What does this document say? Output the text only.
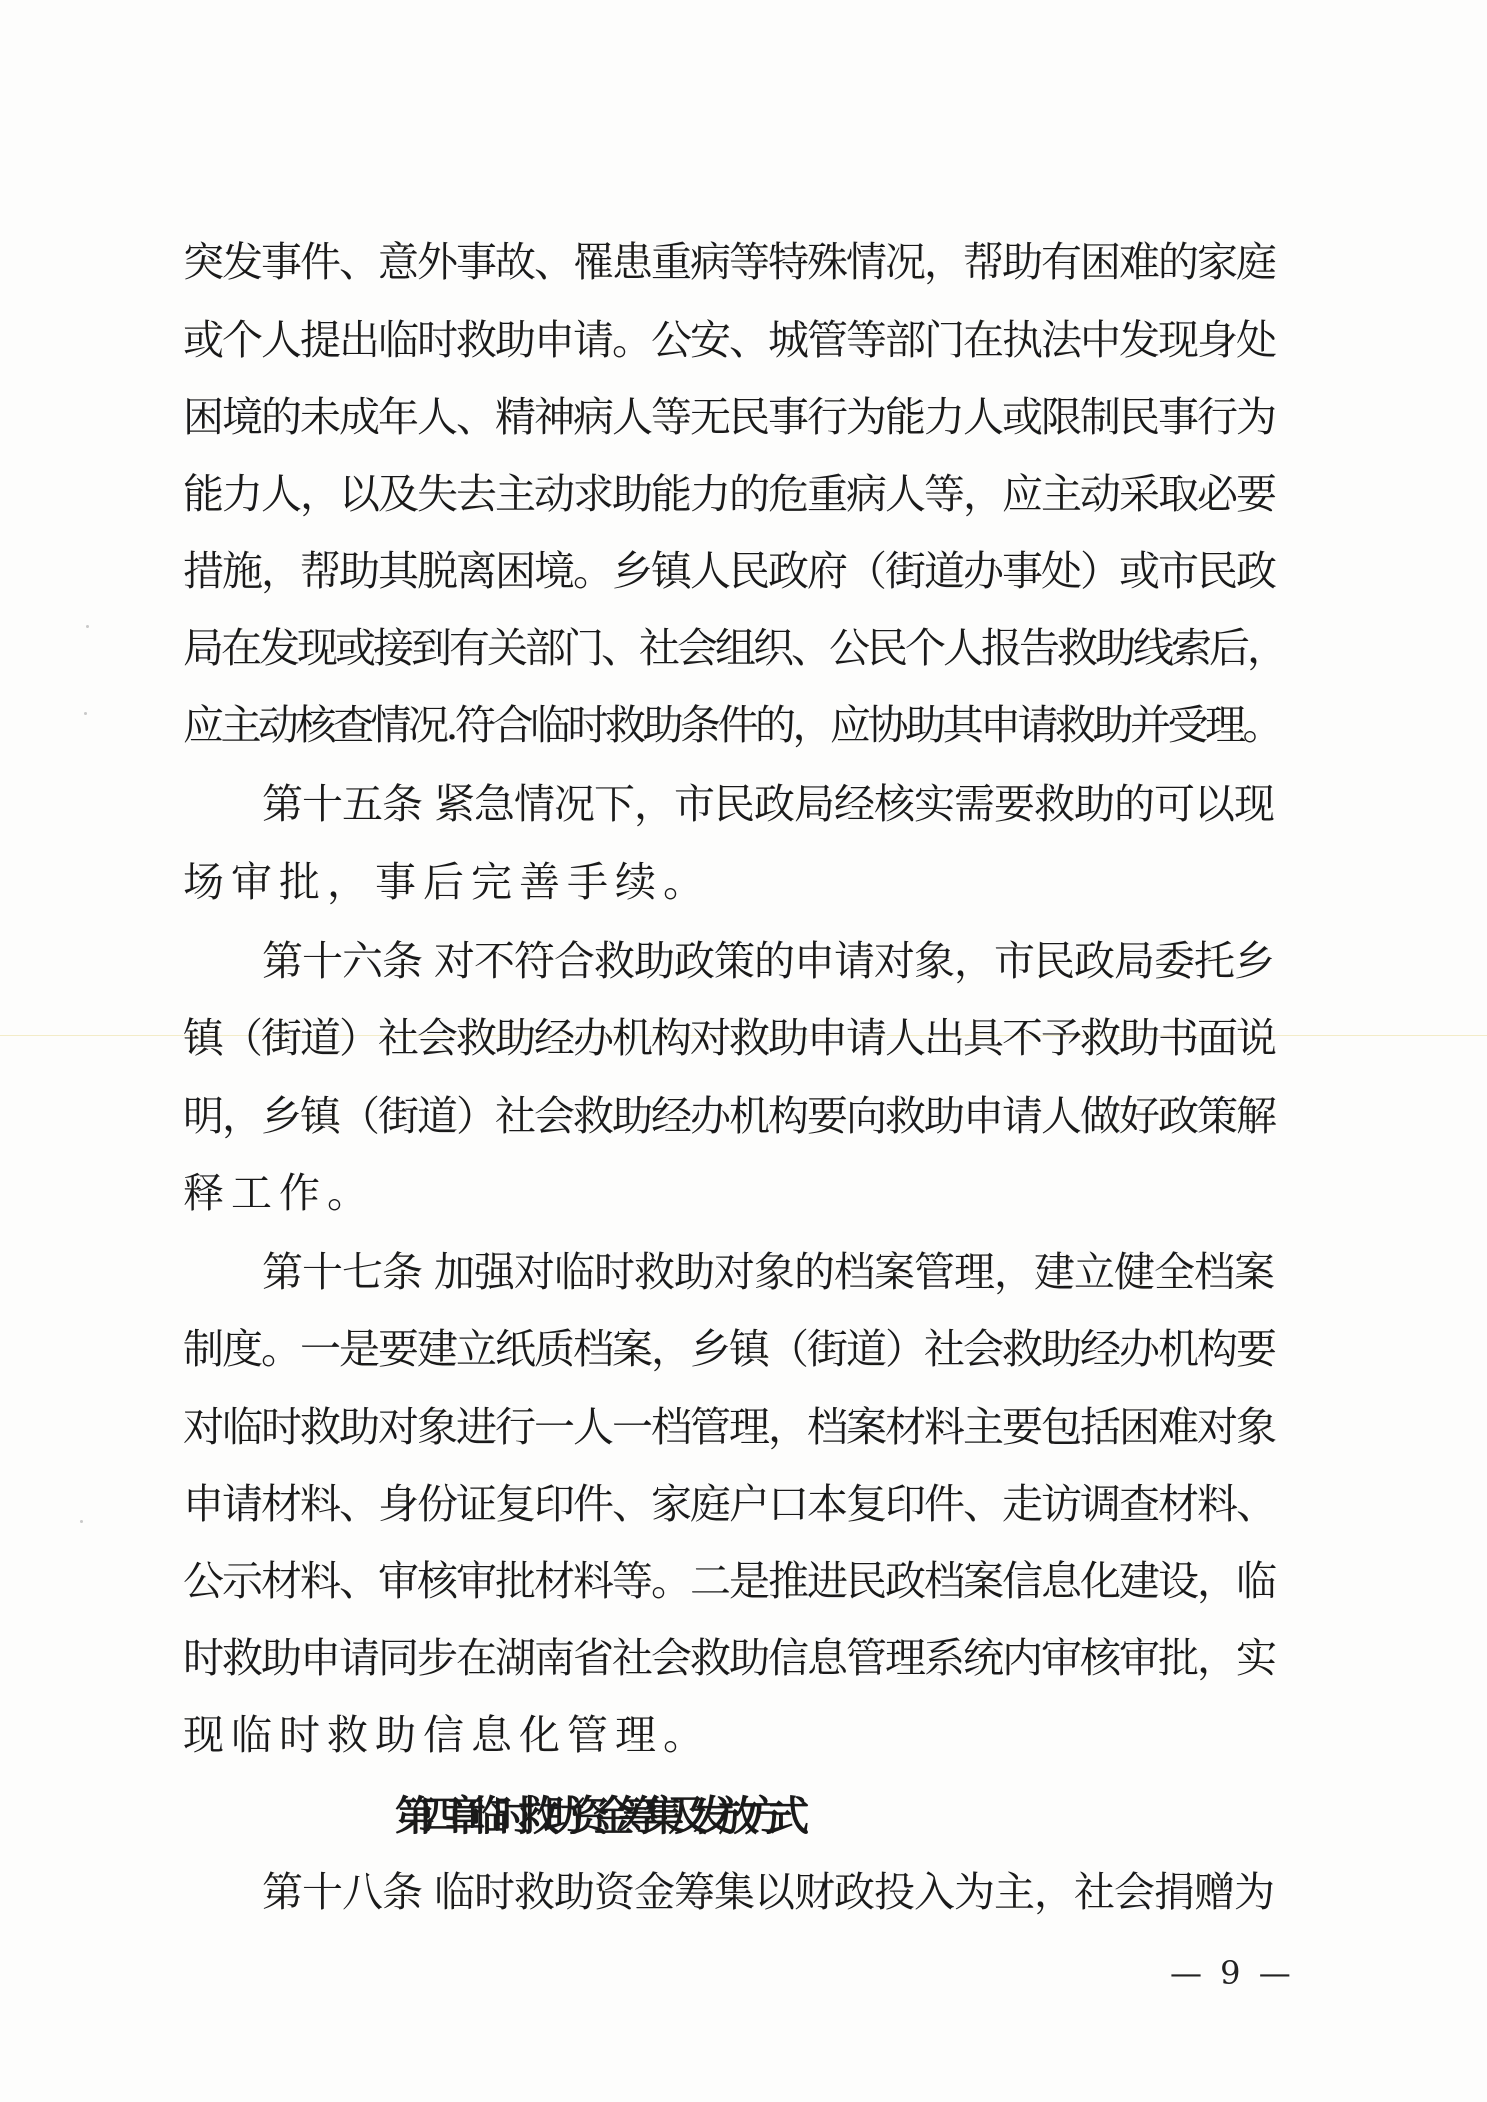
突发事件、意外事故、罹患重病等特殊情况，帮助有困难的家庭
或个人提出临时救助申请。公安、城管等部门在执法中发现身处
困境的未成年人、精神病人等无民事行为能力人或限制民事行为
能力人，以及失去主动求助能力的危重病人等，应主动采取必要
措施，帮助其脱离困境。乡镇人民政府（街道办事处）或市民政
局在发现或接到有关部门、社会组织、公民个人报告救助线索后，
应主动核查情况.符合临时救助条件的，应协助其申请救助并受理。
第十五条 紧急情况下，市民政局经核实需要救助的可以现
场审批，事后完善手续。
第十六条 对不符合救助政策的申请对象，市民政局委托乡
镇（街道）社会救助经办机构对救助申请人出具不予救助书面说
明，乡镇（街道）社会救助经办机构要向救助申请人做好政策解
释工作。
第十七条 加强对临时救助对象的档案管理，建立健全档案
制度。一是要建立纸质档案，乡镇（街道）社会救助经办机构要
对临时救助对象进行一人一档管理，档案材料主要包括困难对象
申请材料、身份证复印件、家庭户口本复印件、走访调查材料、
公示材料、审核审批材料等。二是推进民政档案信息化建设，临
时救助申请同步在湖南省社会救助信息管理系统内审核审批，实
现临时救助信息化管理。
第四章 临时救助资金筹集及发放方式
第十八条 临时救助资金筹集以财政投入为主，社会捐赠为
— 9 —
